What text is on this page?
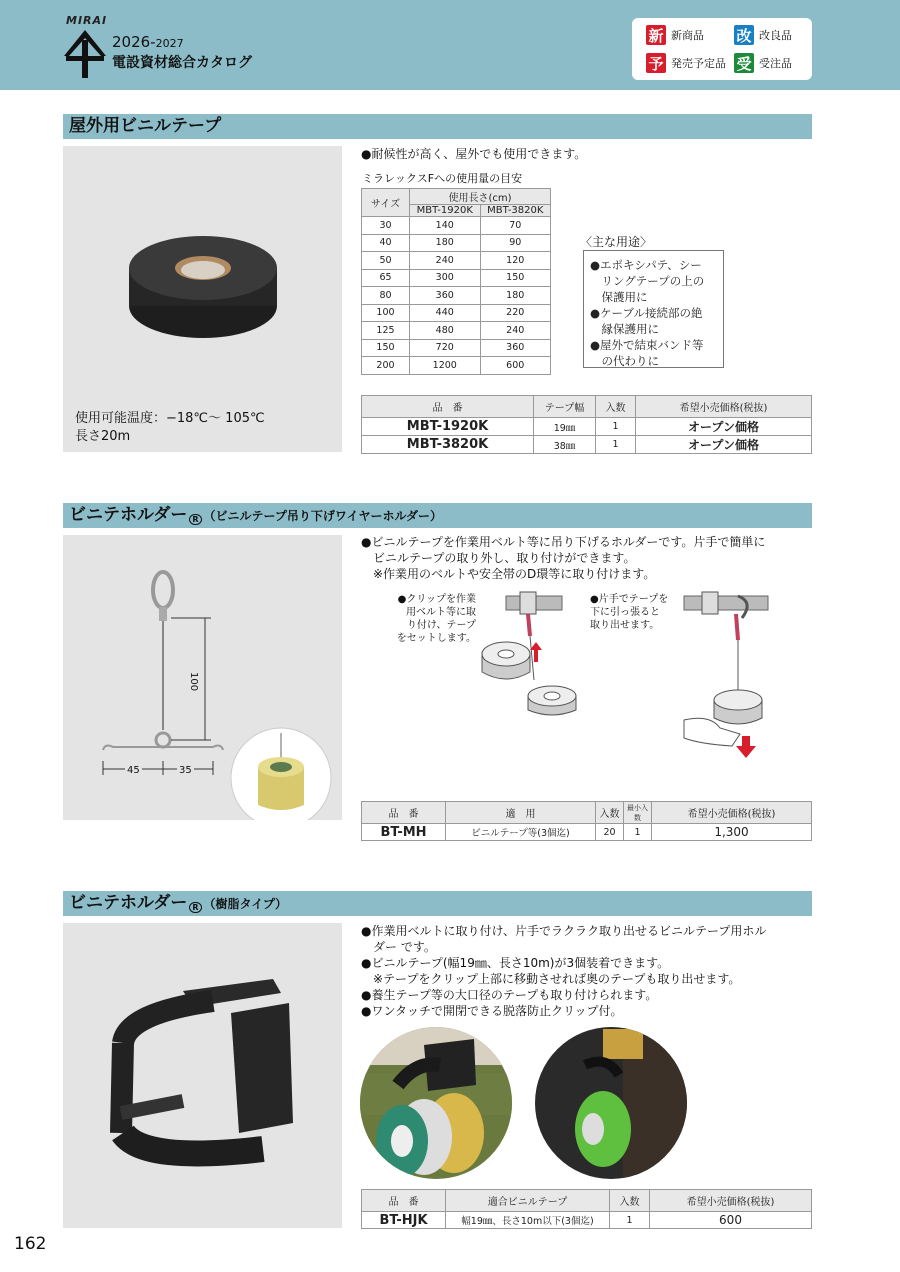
MIRAI
2026-2027
電設資材総合カタログ
新 新商品 改 改良品
予 発売予定品 受 受注品
屋外用ビニルテープ
使用可能温度：−18℃〜 105℃
長さ20m
●耐候性が高く、屋外でも使用できます。
ミラレックスFへの使用量の目安
サイズ	使用長さ(cm)	
	MBT-1920K	MBT-3820K
30	140	70
40	180	90
50	240	120
65	300	150
80	360	180
100	440	220
125	480	240
150	720	360
200	1200	600
〈主な用途〉
●エポキシパテ、シー
　リングテープの上の
　保護用に
●ケーブル接続部の絶
　縁保護用に
●屋外で結束バンド等
　の代わりに
品　番	テープ幅	入数	希望小売価格(税抜)
MBT-1920K	19㎜	1	オープン価格
MBT-3820K	38㎜	1	オープン価格
ビニテホルダー R （ビニルテープ吊り下げワイヤーホルダー）
100
45	35
●ビニルテープを作業用ベルト等に吊り下げるホルダーです。片手で簡単に
　ビニルテープの取り外し、取り付けができます。
　※作業用のベルトや安全帯のD環等に取り付けます。
●クリップを作業
用ベルト等に取
り付け、テープ
をセットします。
●片手でテープを
下に引っ張ると
取り出せます。
品　番	適　用	入数	最小入数	希望小売価格(税抜)
BT-MH	ビニルテープ等(3個迄)	20	1	1,300
ビニテホルダー R （樹脂タイプ）
●作業用ベルトに取り付け、片手でラクラク取り出せるビニルテープ用ホル
　ダー です。
●ビニルテープ(幅19㎜、長さ10m)が3個装着できます。
　※テープをクリップ上部に移動させれば奥のテープも取り出せます。
●養生テープ等の大口径のテープも取り付けられます。
●ワンタッチで開閉できる脱落防止クリップ付。
品　番	適合ビニルテープ	入数	希望小売価格(税抜)
BT-HJK	幅19㎜、長さ10m以下(3個迄)	1	600
162
